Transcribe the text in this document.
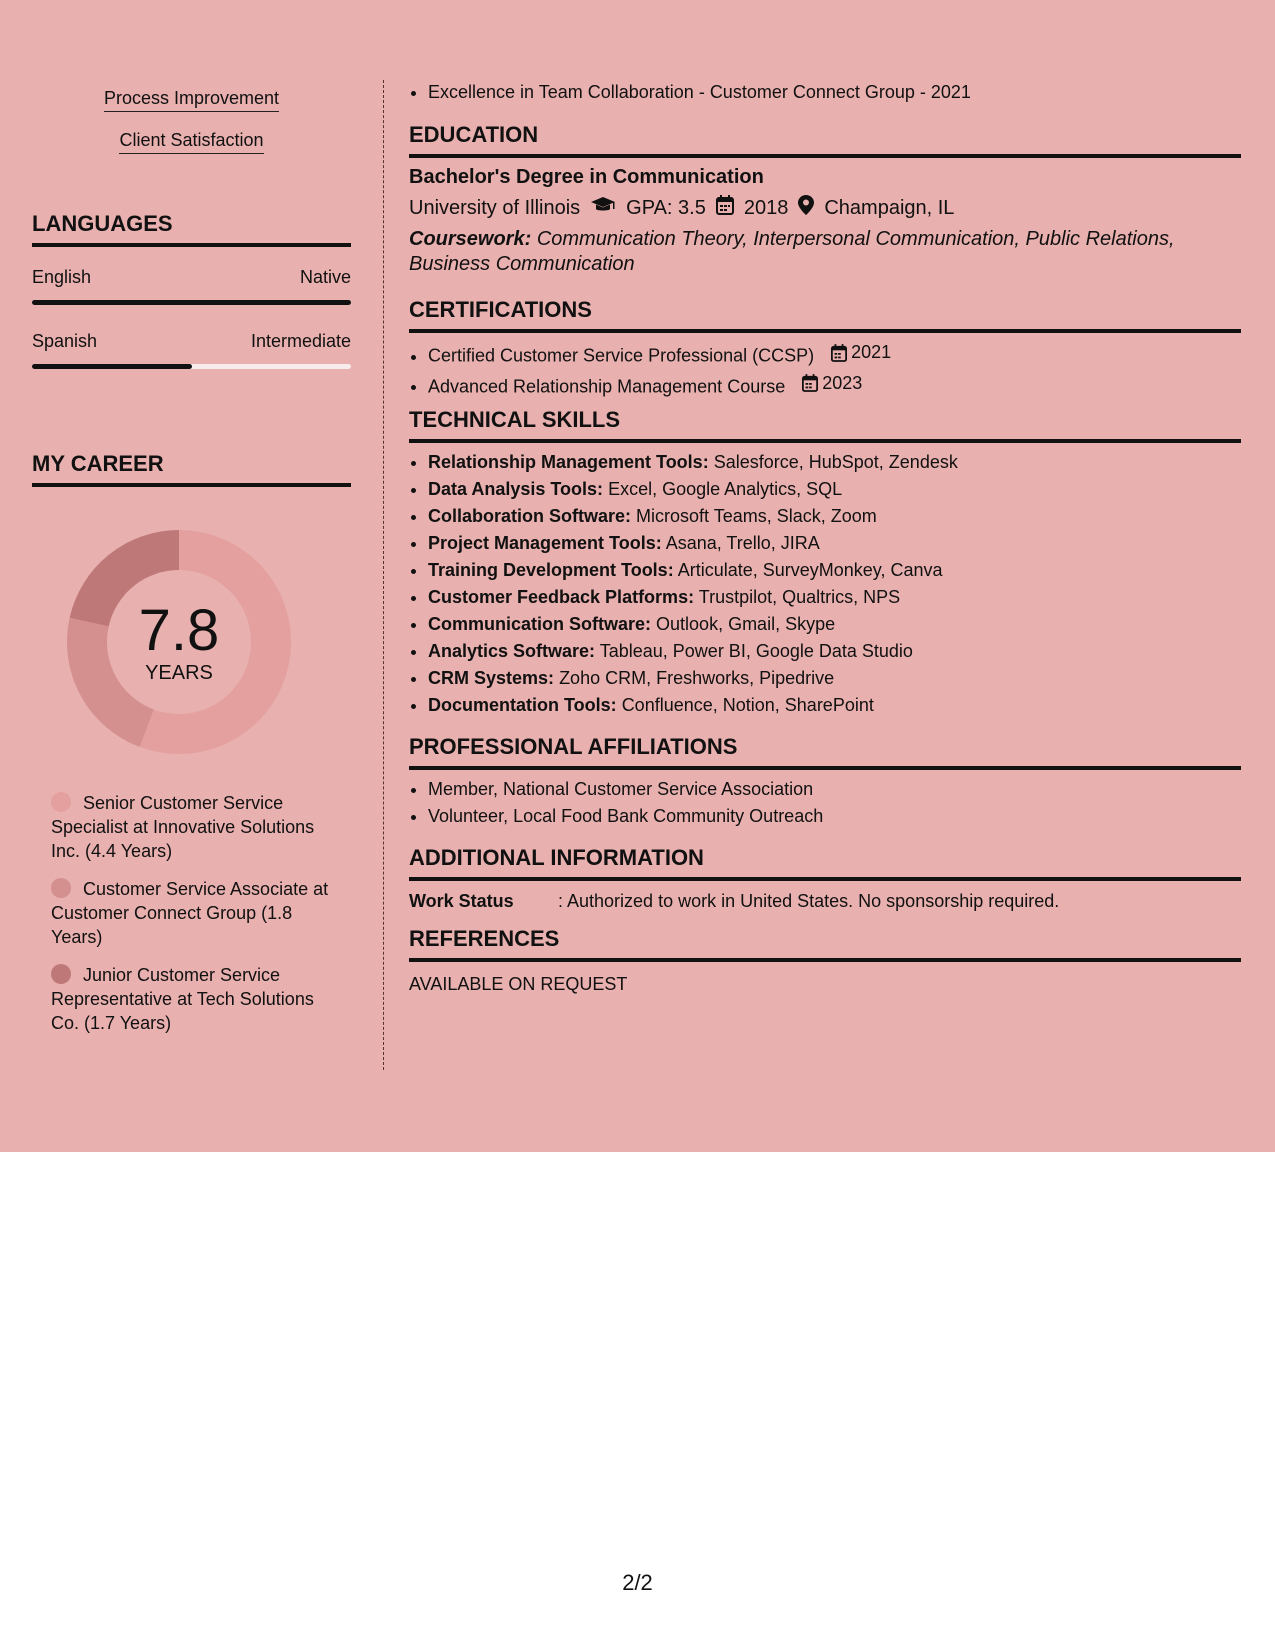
Process Improvement
Client Satisfaction
LANGUAGES
English	Native
Spanish	Intermediate
MY CAREER
7.8
YEARS
Senior Customer Service Specialist at Innovative Solutions Inc. (4.4 Years)
Customer Service Associate at Customer Connect Group (1.8 Years)
Junior Customer Service Representative at Tech Solutions Co. (1.7 Years)
• Excellence in Team Collaboration - Customer Connect Group - 2021
EDUCATION
Bachelor's Degree in Communication
University of Illinois GPA: 3.5 2018 Champaign, IL
Coursework: Communication Theory, Interpersonal Communication, Public Relations, Business Communication
CERTIFICATIONS
• Certified Customer Service Professional (CCSP) 2021
• Advanced Relationship Management Course 2023
TECHNICAL SKILLS
• Relationship Management Tools: Salesforce, HubSpot, Zendesk
• Data Analysis Tools: Excel, Google Analytics, SQL
• Collaboration Software: Microsoft Teams, Slack, Zoom
• Project Management Tools: Asana, Trello, JIRA
• Training Development Tools: Articulate, SurveyMonkey, Canva
• Customer Feedback Platforms: Trustpilot, Qualtrics, NPS
• Communication Software: Outlook, Gmail, Skype
• Analytics Software: Tableau, Power BI, Google Data Studio
• CRM Systems: Zoho CRM, Freshworks, Pipedrive
• Documentation Tools: Confluence, Notion, SharePoint
PROFESSIONAL AFFILIATIONS
• Member, National Customer Service Association
• Volunteer, Local Food Bank Community Outreach
ADDITIONAL INFORMATION
Work Status	: Authorized to work in United States. No sponsorship required.
REFERENCES
AVAILABLE ON REQUEST
2/2
